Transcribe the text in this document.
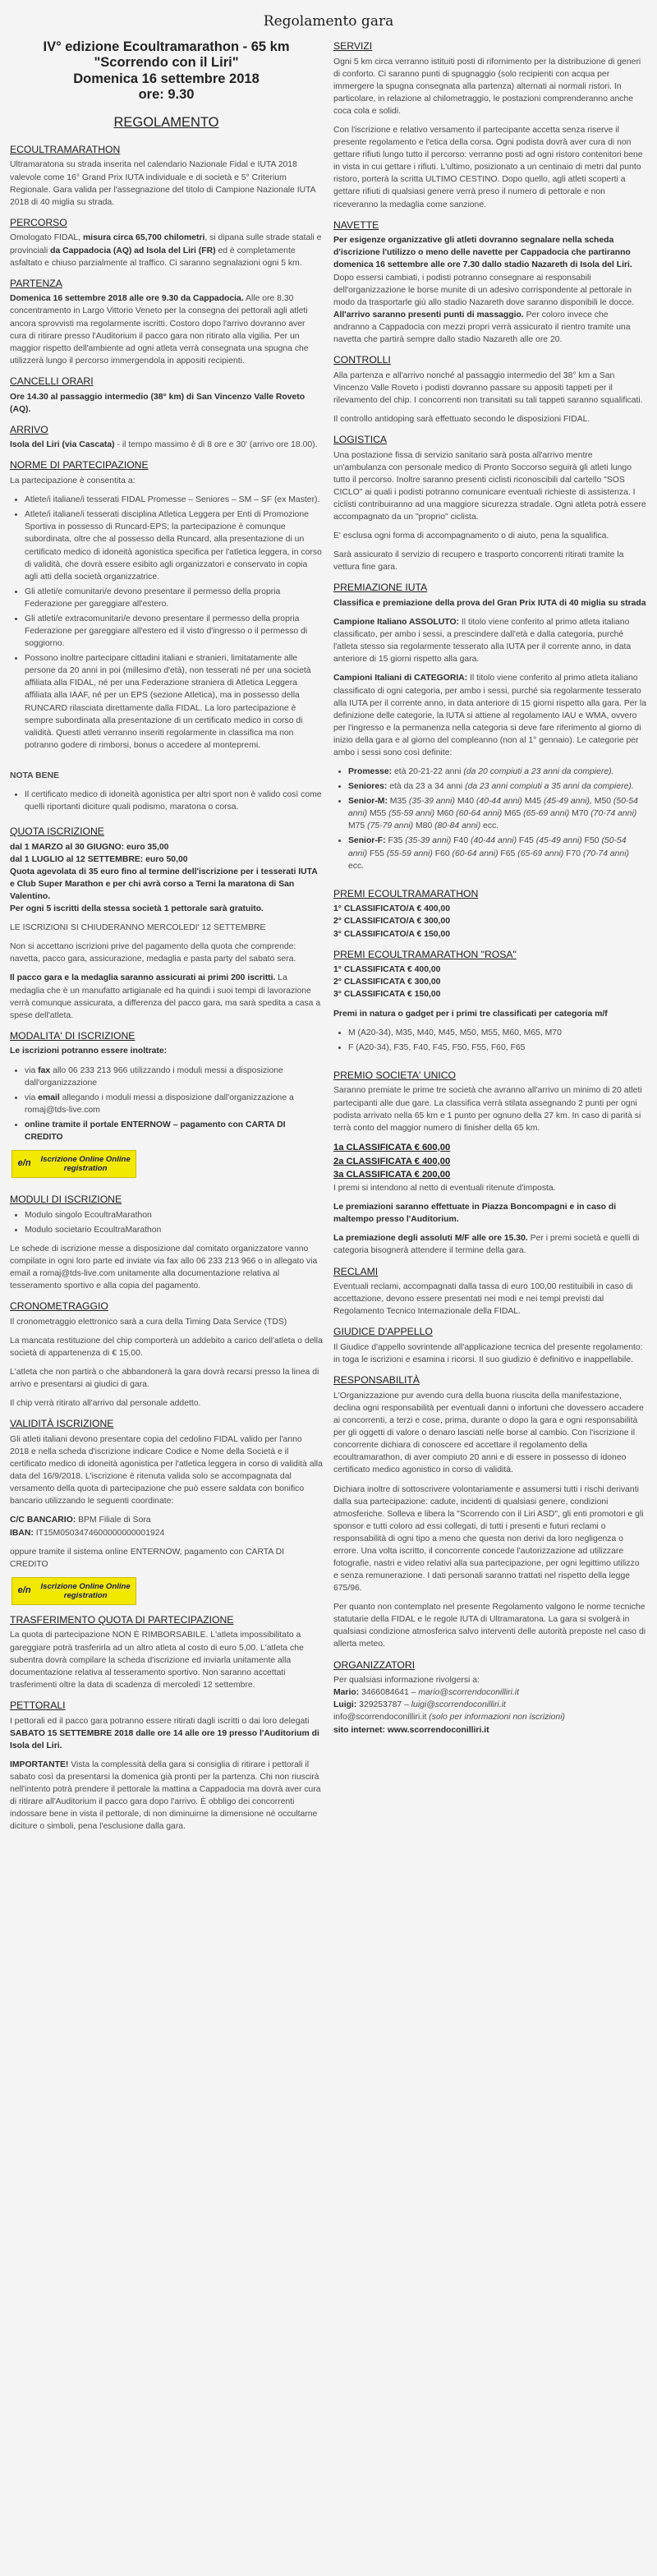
Regolamento gara
IV° edizione Ecoultramarathon - 65 km
"Scorrendo con il Liri"
Domenica 16 settembre 2018
ore: 9.30
REGOLAMENTO
ECOULTRAMARATHON

Ultramaratona su strada inserita nel calendario Nazionale Fidal e IUTA 2018 valevole come 16° Grand Prix IUTA individuale e di società e 5° Criterium Regionale. Gara valida per l'assegnazione del titolo di Campione Nazionale IUTA 2018 di 40 miglia su strada.

PERCORSO

Omologato FIDAL, misura circa 65,700 chilometri, si dipana sulle strade statali e provinciali da Cappadocia (AQ) ad Isola del Liri (FR) ed è completamente asfaltato e chiuso parzialmente al traffico. Ci saranno segnalazioni ogni 5 km.

PARTENZA

Domenica 16 settembre 2018 alle ore 9.30 da Cappadocia. Alle ore 8.30 concentramento in Largo Vittorio Veneto per la consegna dei pettorali agli atleti ancora sprovvisti ma regolarmente iscritti. Costoro dopo l'arrivo dovranno aver cura di ritirare presso l'Auditorium il pacco gara non ritirato alla vigilia. Per un maggior rispetto dell'ambiente ad ogni atleta verrà consegnata una spugna che utilizzerà lungo il percorso immergendola in appositi recipienti.

CANCELLI ORARI

Ore 14.30 al passaggio intermedio (38° km) di San Vincenzo Valle Roveto (AQ).

ARRIVO

Isola del Liri (via Cascata) - il tempo massimo è di 8 ore e 30' (arrivo ore 18.00).

NORME DI PARTECIPAZIONE

La partecipazione è consentita a:

• Atlete/i italiane/i tesserati FIDAL Promesse – Seniores – SM – SF (ex Master).
• Atlete/i italiane/i tesserati disciplina Atletica Leggera per Enti di Promozione Sportiva in possesso di Runcard-EPS; la partecipazione è comunque subordinata, oltre che al possesso della Runcard, alla presentazione di un certificato medico di idoneità agonistica specifica per l'atletica leggera, in corso di validità, che dovrà essere esibito agli organizzatori e conservato in copia agli atti della società organizzatrice.
• Gli atleti/e comunitari/e devono presentare il permesso della propria Federazione per gareggiare all'estero.
• Gli atleti/e extracomunitari/e devono presentare il permesso della propria Federazione per gareggiare all'estero ed il visto d'ingresso o il permesso di soggiorno.
• Possono inoltre partecipare cittadini italiani e stranieri, limitatamente alle persone da 20 anni in poi (millesimo d'età), non tesserati né per una società affiliata alla FIDAL, né per una Federazione straniera di Atletica Leggera affiliata alla IAAF, né per un EPS (sezione Atletica), ma in possesso della RUNCARD rilasciata direttamente dalla FIDAL. La loro partecipazione è sempre subordinata alla presentazione di un certificato medico in corso di validità. Questi atleti verranno inseriti regolarmente in classifica ma non potranno godere di rimborsi, bonus o accedere al montepremi.

NOTA BENE

• Il certificato medico di idoneità agonistica per altri sport non è valido così come quelli riportanti diciture quali podismo, maratona o corsa.
QUOTA ISCRIZIONE

dal 1 MARZO al 30 GIUGNO: euro 35,00
dal 1 LUGLIO al 12 SETTEMBRE: euro 50,00
Quota agevolata di 35 euro fino al termine dell'iscrizione per i tesserati IUTA e Club Super Marathon e per chi avrà corso a Terni la maratona di San Valentino.
Per ogni 5 iscritti della stessa società 1 pettorale sarà gratuito.

LE ISCRIZIONI SI CHIUDERANNO MERCOLEDI' 12 SETTEMBRE

Non si accettano iscrizioni prive del pagamento della quota che comprende: navetta, pacco gara, assicurazione, medaglia e pasta party del sabato sera.

Il pacco gara e la medaglia saranno assicurati ai primi 200 iscritti. La medaglia che è un manufatto artigianale ed ha quindi i suoi tempi di lavorazione verrà comunque assicurata, a differenza del pacco gara, ma sarà spedita a casa a spese dell'atleta.

MODALITA' DI ISCRIZIONE

Le iscrizioni potranno essere inoltrate:

• via fax allo 06 233 213 966 utilizzando i moduli messi a disposizione dall'organizzazione
• via email allegando i moduli messi a disposizione dall'organizzazione a romaj@tds-live.com
• online tramite il portale ENTERNOW – pagamento con CARTA DI CREDITO
e/n	Iscrizione Online Online registration
MODULI DI ISCRIZIONE
• Modulo singolo EcoultraMarathon
• Modulo societario EcoultraMarathon

Le schede di iscrizione messe a disposizione dal comitato organizzatore vanno compilate in ogni loro parte ed inviate via fax allo 06 233 213 966 o in allegato via email a romaj@tds-live.com unitamente alla documentazione relativa al tesseramento sportivo e alla copia del pagamento.

CRONOMETRAGGIO

Il cronometraggio elettronico sarà a cura della Timing Data Service (TDS)

La mancata restituzione del chip comporterà un addebito a carico dell'atleta o della società di appartenenza di € 15,00.

L'atleta che non partirà o che abbandonerà la gara dovrà recarsi presso la linea di arrivo e presentarsi ai giudici di gara.

Il chip verrà ritirato all'arrivo dal personale addetto.

VALIDITÀ ISCRIZIONE

Gli atleti italiani devono presentare copia del cedolino FIDAL valido per l'anno 2018 e nella scheda d'iscrizione indicare Codice e Nome della Società e il certificato medico di idoneità agonistica per l'atletica leggera in corso di validità alla data del 16/9/2018. L'iscrizione è ritenuta valida solo se accompagnata dal versamento della quota di partecipazione che può essere saldata con bonifico bancario utilizzando le seguenti coordinate:

C/C BANCARIO: BPM Filiale di Sora
IBAN: IT15M0503474600000000001924

oppure tramite il sistema online ENTERNOW, pagamento con CARTA DI CREDITO

e/n	Iscrizione Online Online registration
TRASFERIMENTO QUOTA DI PARTECIPAZIONE

La quota di partecipazione NON È RIMBORSABILE. L'atleta impossibilitato a gareggiare potrà trasferirla ad un altro atleta al costo di euro 5,00. L'atleta che subentra dovrà compilare la scheda d'iscrizione ed inviarla unitamente alla documentazione relativa al tesseramento sportivo. Non saranno accettati trasferimenti oltre la data di scadenza di mercoledì 12 settembre.

PETTORALI

I pettorali ed il pacco gara potranno essere ritirati dagli iscritti o dai loro delegati SABATO 15 SETTEMBRE 2018 dalle ore 14 alle ore 19 presso l'Auditorium di Isola del Liri.

IMPORTANTE! Vista la complessità della gara si consiglia di ritirare i pettorali il sabato così da presentarsi la domenica già pronti per la partenza. Chi non riuscirà nell'intento potrà prendere il pettorale la mattina a Cappadocia ma dovrà aver cura di ritirare all'Auditorium il pacco gara dopo l'arrivo. È obbligo dei concorrenti indossare bene in vista il pettorale, di non diminuirne la dimensione né occultarne diciture o simboli, pena l'esclusione dalla gara.

SERVIZI

Ogni 5 km circa verranno istituiti posti di rifornimento per la distribuzione di generi di conforto. Ci saranno punti di spugnaggio (solo recipienti con acqua per immergere la spugna consegnata alla partenza) alternati ai normali ristori. In particolare, in relazione al chilometraggio, le postazioni comprenderanno anche coca cola e solidi.

Con l'iscrizione e relativo versamento il partecipante accetta senza riserve il presente regolamento e l'etica della corsa. Ogni podista dovrà aver cura di non gettare rifiuti lungo tutto il percorso: verranno posti ad ogni ristoro contenitori bene in vista in cui gettare i rifiuti. L'ultimo, posizionato a un centinaio di metri dal punto ristoro, porterà la scritta ULTIMO CESTINO. Dopo quello, agli atleti scoperti a gettare rifiuti di qualsiasi genere verrà preso il numero di pettorale e non riceveranno la medaglia come sanzione.

NAVETTE

Per esigenze organizzative gli atleti dovranno segnalare nella scheda d'iscrizione l'utilizzo o meno delle navette per Cappadocia che partiranno domenica 16 settembre alle ore 7.30 dallo stadio Nazareth di Isola del Liri. Dopo essersi cambiati, i podisti potranno consegnare ai responsabili dell'organizzazione le borse munite di un adesivo corrispondente al pettorale in modo da trasportarle giù allo stadio Nazareth dove saranno disponibili le docce. All'arrivo saranno presenti punti di massaggio. Per coloro invece che andranno a Cappadocia con mezzi propri verrà assicurato il rientro tramite una navetta che partirà sempre dallo stadio Nazareth alle ore 20.

CONTROLLI

Alla partenza e all'arrivo nonché al passaggio intermedio del 38° km a San Vincenzo Valle Roveto i podisti dovranno passare su appositi tappeti per il rilevamento del chip. I concorrenti non transitati su tali tappeti saranno squalificati.

Il controllo antidoping sarà effettuato secondo le disposizioni FIDAL.

LOGISTICA

Una postazione fissa di servizio sanitario sarà posta all'arrivo mentre un'ambulanza con personale medico di Pronto Soccorso seguirà gli atleti lungo tutto il percorso. Inoltre saranno presenti ciclisti riconoscibili dal cartello "SOS CICLO" ai quali i podisti potranno comunicare eventuali richieste di assistenza. I ciclisti contribuiranno ad una maggiore sicurezza stradale. Ogni atleta potrà essere accompagnato da un "proprio" ciclista.

E' esclusa ogni forma di accompagnamento o di aiuto, pena la squalifica.

Sarà assicurato il servizio di recupero e trasporto concorrenti ritirati tramite la vettura fine gara.

PREMIAZIONE IUTA

Classifica e premiazione della prova del Gran Prix IUTA di 40 miglia su strada

Campione Italiano ASSOLUTO: Il titolo viene conferito al primo atleta italiano classificato, per ambo i sessi, a prescindere dall'età e dalla categoria, purché l'atleta stesso sia regolarmente tesserato alla IUTA per il corrente anno, in data anteriore di 15 giorni rispetto alla gara.

Campioni Italiani di CATEGORIA: Il titolo viene conferito al primo atleta italiano classificato di ogni categoria, per ambo i sessi, purché sia regolarmente tesserato alla IUTA per il corrente anno, in data anteriore di 15 giorni rispetto alla gara. Per la definizione delle categorie, la IUTA si attiene al regolamento IAU e WMA, ovvero per l'ingresso e la permanenza nella categoria si deve fare riferimento al giorno di inizio della gara e al giorno del compleanno (non al 1° gennaio). Le categorie per ambo i sessi sono così definite:

• Promesse: età 20-21-22 anni (da 20 compiuti a 23 anni da compiere).
• Seniores: età da 23 a 34 anni (da 23 anni compiuti a 35 anni da compiere).
• Senior-M: M35 (35-39 anni) M40 (40-44 anni) M45 (45-49 anni), M50 (50-54 anni) M55 (55-59 anni) M60 (60-64 anni) M65 (65-69 anni) M70 (70-74 anni) M75 (75-79 anni) M80 (80-84 anni) ecc.
• Senior-F: F35 (35-39 anni) F40 (40-44 anni) F45 (45-49 anni) F50 (50-54 anni) F55 (55-59 anni) F60 (60-64 anni) F65 (65-69 anni) F70 (70-74 anni) ecc.
PREMI ECOULTRAMARATHON

1° CLASSIFICATO/A € 400,00
2° CLASSIFICATO/A € 300,00
3° CLASSIFICATO/A € 150,00

PREMI ECOULTRAMARATHON "ROSA"

1° CLASSIFICATA € 400,00
2° CLASSIFICATA € 300,00
3° CLASSIFICATA € 150,00

Premi in natura o gadget per i primi tre classificati per categoria m/f

• M (A20-34), M35, M40, M45, M50, M55, M60, M65, M70
• F (A20-34), F35, F40, F45, F50, F55, F60, F65
PREMIO SOCIETA' UNICO

Saranno premiate le prime tre società che avranno all'arrivo un minimo di 20 atleti partecipanti alle due gare. La classifica verrà stilata assegnando 2 punti per ogni podista arrivato nella 65 km e 1 punto per ognuno della 27 km. In caso di parità si terrà conto del maggior numero di finisher della 65 km.

1a CLASSIFICATA € 600,00
2a CLASSIFICATA € 400,00
3a CLASSIFICATA € 200,00

I premi si intendono al netto di eventuali ritenute d'imposta.

Le premiazioni saranno effettuate in Piazza Boncompagni e in caso di maltempo presso l'Auditorium.

La premiazione degli assoluti M/F alle ore 15.30. Per i premi società e quelli di categoria bisognerà attendere il termine della gara.

RECLAMI

Eventuali reclami, accompagnati dalla tassa di euro 100,00 restituibili in caso di accettazione, devono essere presentati nei modi e nei tempi previsti dal Regolamento Tecnico Internazionale della FIDAL.

GIUDICE D'APPELLO

Il Giudice d'appello sovrintende all'applicazione tecnica del presente regolamento: in toga le iscrizioni e esamina i ricorsi. Il suo giudizio è definitivo e inappellabile.

RESPONSABILITÀ

L'Organizzazione pur avendo cura della buona riuscita della manifestazione, declina ogni responsabilità per eventuali danni o infortuni che dovessero accadere ai concorrenti, a terzi e cose, prima, durante o dopo la gara e ogni responsabilità per gli oggetti di valore o denaro lasciati nelle borse al cambio. Con l'iscrizione il concorrente dichiara di conoscere ed accettare il regolamento della ecoultramarathon, di aver compiuto 20 anni e di essere in possesso di idoneo certificato medico agonistico in corso di validità.

Dichiara inoltre di sottoscrivere volontariamente e assumersi tutti i rischi derivanti dalla sua partecipazione: cadute, incidenti di qualsiasi genere, condizioni atmosferiche. Solleva e libera la "Scorrendo con il Liri ASD", gli enti promotori e gli sponsor e tutti coloro ad essi collegati, di tutti i presenti e futuri reclami o responsabilità di ogni tipo a meno che questa non derivi da loro negligenza o errore. Una volta iscritto, il concorrente concede l'autorizzazione ad utilizzare fotografie, nastri e video relativi alla sua partecipazione, per ogni legittimo utilizzo e senza remunerazione. I dati personali saranno trattati nel rispetto della legge 675/96.

Per quanto non contemplato nel presente Regolamento valgono le norme tecniche statutarie della FIDAL e le regole IUTA di Ultramaratona. La gara si svolgerà in qualsiasi condizione atmosferica salvo interventi delle autorità preposte nel caso di allerta meteo.

ORGANIZZATORI

Per qualsiasi informazione rivolgersi a:
Mario: 3466084641 – mario@scorrendoconilliri.it
Luigi: 329253787 – luigi@scorrendoconilliri.it
info@scorrendoconilliri.it (solo per informazioni non iscrizioni)
sito internet: www.scorrendoconilliri.it
